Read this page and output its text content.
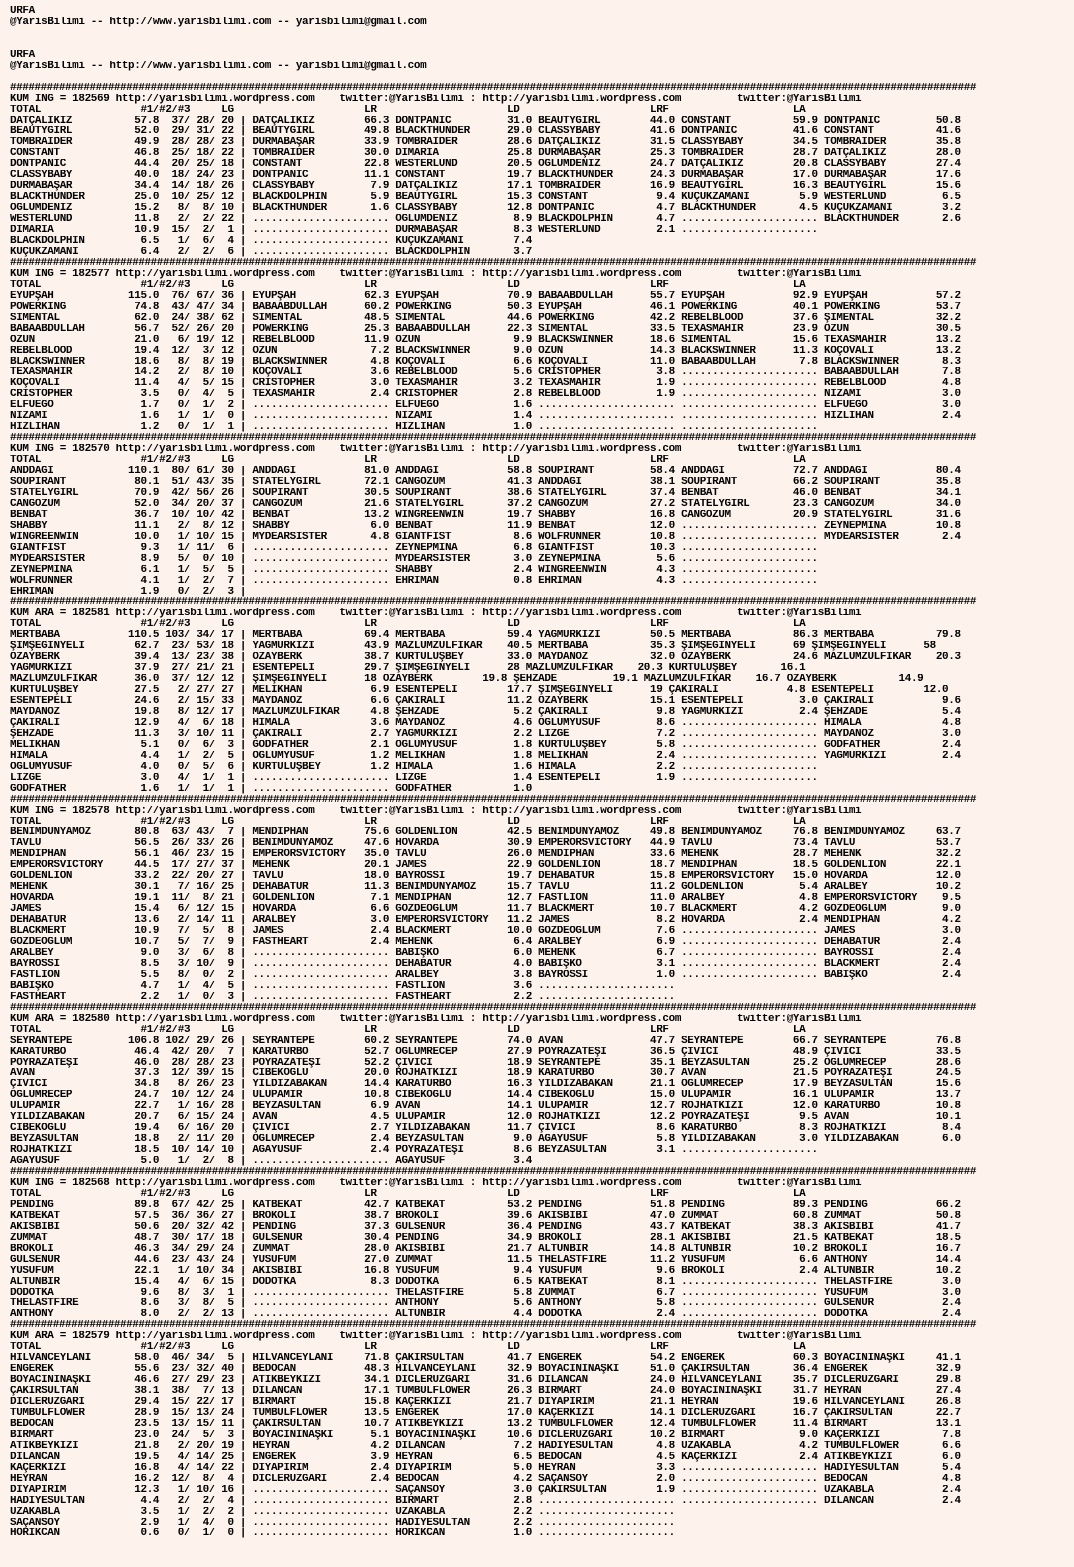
URFA
@YarisBilimi -- http://www.yarisbilimi.com -- yarisbilimi@gmail.com

URFA
@YarisBilimi -- http://www.yarisbilimi.com -- yarisbilimi@gmail.com

##############################################################################################################################################################
KUM ING = 182569 http://yarisbilimi.wordpress.com    twitter:@YarisBilimi : http://yarisbilimi.wordpress.com         twitter:@YarisBilimi
TOTAL                #1/#2/#3     LG                     LR                     LD                     LRF                    LA
DATÇALIKIZ          57.8  37/ 28/ 20 | DATÇALIKIZ        66.3 DONTPANIC         31.0 BEAUTYGIRL        44.0 CONSTANT          59.9 DONTPANIC         50.8
BEAUTYGIRL          52.0  29/ 31/ 22 | BEAUTYGIRL        49.8 BLACKTHUNDER      29.0 CLASSYBABY        41.6 DONTPANIC         41.6 CONSTANT          41.6
TOMBRAIDER          49.9  28/ 28/ 23 | DURMABAŞAR        33.9 TOMBRAIDER        28.6 DATÇALIKIZ        31.5 CLASSYBABY        34.5 TOMBRAIDER        35.8
CONSTANT            46.8  25/ 18/ 22 | TOMBRAIDER        30.0 DIMARIA           25.8 DURMABAŞAR        25.3 TOMBRAIDER        28.7 DATÇALIKIZ        28.0
DONTPANIC           44.4  20/ 25/ 18 | CONSTANT          22.8 WESTERLUND        20.5 OGLUMDENİZ        24.7 DATÇALIKIZ        20.8 CLASSYBABY        27.4
CLASSYBABY          40.0  18/ 24/ 23 | DONTPANIC         11.1 CONSTANT          19.7 BLACKTHUNDER      24.3 DURMABAŞAR        17.0 DURMABAŞAR        17.6
DURMABAŞAR          34.4  14/ 18/ 26 | CLASSYBABY         7.9 DATÇALIKIZ        17.1 TOMBRAIDER        16.9 BEAUTYGİRL        16.3 BEAUTYGİRL        15.6
BLACKTHUNDER        25.0  10/ 25/ 12 | BLACKDOLPHIN       5.9 BEAUTYGIRL        15.3 CONSTANT           9.4 KÜÇÜKZAMANI        5.9 WESTERLUND         6.5
OGLUMDENİZ          15.2   8/  8/ 10 | BLACKTHUNDER       1.6 CLASSYBABY        12.8 DONTPANIC          4.7 BLACKTHUNDER       4.5 KÜÇÜKZAMANI        3.2
WESTERLUND          11.8   2/  2/ 22 | ...................... OGLUMDENİZ         8.9 BLACKDOLPHIN       4.7 ...................... BLACKTHUNDER       2.6
DIMARIA             10.9  15/  2/  1 | ...................... DURMABAŞAR         8.3 WESTERLUND         2.1 ......................
BLACKDOLPHIN         6.5   1/  6/  4 | ...................... KÜÇÜKZAMANI        7.4
KÜÇÜKZAMANI          6.4   2/  2/  6 | ...................... BLACKDOLPHIN       3.7
##############################################################################################################################################################
KUM ING = 182577 http://yarisbilimi.wordpress.com    twitter:@YarisBilimi : http://yarisbilimi.wordpress.com         twitter:@YarisBilimi
TOTAL                #1/#2/#3     LG                     LR                     LD                     LRF                    LA
EYÜPŞAH            115.0  76/ 67/ 36 | EYÜPŞAH           62.3 EYÜPŞAH           70.9 BABAABDULLAH      55.7 EYÜPŞAH           92.9 EYÜPŞAH           57.2
POWERKING           74.8  43/ 47/ 34 | BABAABDULLAH      60.2 POWERKING         50.3 EYÜPŞAH           46.1 POWERKING         40.1 POWERKING         53.7
SIMENTAL            62.0  24/ 38/ 62 | SIMENTAL          48.5 SIMENTAL          44.6 POWERKING         42.2 REBELBLOOD        37.6 ŞIMENTAL          32.2
BABAABDULLAH        56.7  52/ 26/ 20 | POWERKING         25.3 BABAABDULLAH      22.3 SIMENTAL          33.5 TEXASMAHİR        23.9 ÖZÜN              30.5
ÖZÜN                21.0   6/ 19/ 12 | REBELBLOOD        11.9 ÖZÜN               9.9 BLACKSWINNER      18.6 SIMENTAL          15.6 TEXASMAHİR        13.2
REBELBLOOD          19.4  12/  3/ 12 | ÖZÜN               7.2 BLACKSWINNER       9.0 ÖZÜN              14.3 BLACKSWINNER      11.3 KOÇOVALI          13.2
BLACKSWINNER        18.6   8/  8/ 19 | BLACKSWINNER       4.8 KOÇOVALI           6.6 KOÇOVALI          11.0 BABAABDULLAH       7.8 BLACKSWINNER       8.3
TEXASMAHİR          14.2   2/  8/ 10 | KOÇOVALI           3.6 REBELBLOOD         5.6 CRİSTOPHER         3.8 ...................... BABAABDULLAH       7.8
KOÇOVALI            11.4   4/  5/ 15 | CRİSTOPHER         3.0 TEXASMAHİR         3.2 TEXASMAHİR         1.9 ...................... REBELBLOOD         4.8
CRİSTOPHER           3.5   0/  4/  5 | TEXASMAHİR         2.4 CRİSTOPHER         2.8 REBELBLOOD         1.9 ...................... NIZAMI             3.0
ELFUEGO              1.7   0/  1/  2 | ...................... ELFUEGO            1.6 ...................... ...................... ELFUEGO            3.0
NIZAMI               1.6   1/  1/  0 | ...................... NIZAMI             1.4 ...................... ...................... HIZLIHAN           2.4
HIZLIHAN             1.2   0/  1/  1 | ...................... HIZLIHAN           1.0 ...................... ......................
##############################################################################################################################################################
KUM ING = 182570 http://yarisbilimi.wordpress.com    twitter:@YarisBilimi : http://yarisbilimi.wordpress.com         twitter:@YarisBilimi
TOTAL                #1/#2/#3     LG                     LR                     LD                     LRF                    LA
ANDDAĞI            110.1  80/ 61/ 30 | ANDDAĞI           81.0 ANDDAĞI           58.8 SOUPIRANT         58.4 ANDDAĞI           72.7 ANDDAĞI           80.4
SOUPIRANT           80.1  51/ 43/ 35 | STATELYGIRL       72.1 CANGÖZÜM          41.3 ANDDAĞI           38.1 SOUPIRANT         66.2 SOUPIRANT         35.8
STATELYGIRL         70.9  42/ 56/ 26 | SOUPIRANT         30.5 SOUPIRANT         38.6 STATELYGIRL       37.4 BENBAT            46.0 BENBAT            34.1
CANGÖZÜM            52.0  34/ 20/ 37 | CANGÖZÜM          21.6 STATELYGIRL       37.2 CANGÖZÜM          27.2 STATELYGIRL       23.3 CANGÖZÜM          34.0
BENBAT              36.7  10/ 10/ 42 | BENBAT            13.2 WINGREENWIN       19.7 SHABBY            16.8 CANGÖZÜM          20.9 STATELYGIRL       31.6
SHABBY              11.1   2/  8/ 12 | SHABBY             6.0 BENBAT            11.9 BENBAT            12.0 ...................... ZEYNEPMİNA        10.8
WINGREENWIN         10.0   1/ 10/ 15 | MYDEARSISTER       4.8 GIANTFİST          8.6 WOLFRUNNER        10.8 ...................... MYDEARSISTER       2.4
GIANTFİST            9.3   1/ 11/  6 | ...................... ZEYNEPMİNA         6.8 GIANTFİST         10.3 ......................
MYDEARSISTER         8.9   5/  0/ 10 | ...................... MYDEARSISTER       3.0 ZEYNEPMİNA         5.6 ......................
ZEYNEPMİNA           6.1   1/  5/  5 | ...................... SHABBY             2.4 WINGREENWIN        4.3 ......................
WOLFRUNNER           4.1   1/  2/  7 | ...................... EHRİMAN            0.8 EHRİMAN            4.3 ......................
EHRİMAN              1.9   0/  2/  3 |
##############################################################################################################################################################
KUM ARA = 182581 http://yarisbilimi.wordpress.com    twitter:@YarisBilimi : http://yarisbilimi.wordpress.com         twitter:@YarisBilimi
TOTAL                #1/#2/#3     LG                     LR                     LD                     LRF                    LA
MERTBABA           110.5 103/ 34/ 17 | MERTBABA          69.4 MERTBABA          59.4 YAĞMURKIZI        50.5 MERTBABA          86.3 MERTBABA          79.8
ŞİMŞEGİNYELİ        62.7  23/ 53/ 18 | YAĞMURKIZI        43.9 MAZLUMZULFİKAR    40.5 MERTBABA          35.3 ŞİMŞEGİNYELİ      69 ŞİMŞEGİNYELİ      58
ÖZAYBERK            39.4  13/ 23/ 38 | ÖZAYBERK          38.7 KURTULUŞBEY       33.0 MAYDANOZ          32.0 ÖZAYBERK          24.6 MAZLUMZULFİKAR    20.3
YAĞMURKIZI          37.9  27/ 21/ 21 | ESENTEPELİ        29.7 ŞİMŞEGİNYELİ      28 MAZLUMZULFİKAR    20.3 KURTULUŞBEY       16.1
MAZLUMZULFİKAR      36.0  37/ 12/ 12 | ŞİMŞEGİNYELİ      18 ÖZAYBERK        19.8 ŞEHZADE         19.1 MAZLUMZULFİKAR    16.7 ÖZAYBERK          14.9
KURTULUŞBEY         27.5   2/ 27/ 27 | MELİKHAN           6.9 ESENTEPELİ        17.7 ŞİMŞEGİNYELİ      19 ÇAKIRALİ           4.8 ESENTEPELİ        12.0
ESENTEPELİ          24.6   2/ 15/ 33 | MAYDANOZ           6.6 ÇAKIRALİ          11.2 ÖZAYBERK          15.1 ESENTEPELİ         3.0 ÇAKIRALİ           9.6
MAYDANOZ            19.8   8/ 12/ 17 | MAZLUMZULFİKAR     4.8 ŞEHZADE            5.2 ÇAKIRALİ           9.8 YAĞMURKIZI         2.4 ŞEHZADE            5.4
ÇAKIRALİ            12.9   4/  6/ 18 | HIMALA             3.6 MAYDANOZ           4.6 OGLUMYUSUF         8.6 ...................... HIMALA             4.8
ŞEHZADE             11.3   3/ 10/ 11 | ÇAKIRALİ           2.7 YAĞMURKIZI         2.2 LIZGE              7.2 ...................... MAYDANOZ           3.0
MELİKHAN             5.1   0/  6/  3 | GODFATHER          2.1 OGLUMYUSUF         1.8 KURTULUŞBEY        5.8 ...................... GODFATHER          2.4
HIMALA               4.4   1/  2/  5 | OGLUMYUSUF         1.2 MELİKHAN           1.8 MELİKHAN           2.4 ...................... YAĞMURKIZI         2.4
OGLUMYUSUF           4.0   0/  5/  6 | KURTULUŞBEY        1.2 HIMALA             1.6 HIMALA             2.2 ......................
LIZGE                3.0   4/  1/  1 | ...................... LIZGE              1.4 ESENTEPELİ         1.9 ......................
GODFATHER            1.6   1/  1/  1 | ...................... GODFATHER          1.0
##############################################################################################################################################################
KUM ING = 182578 http://yarisbilimi.wordpress.com    twitter:@YarisBilimi : http://yarisbilimi.wordpress.com         twitter:@YarisBilimi
TOTAL                #1/#2/#3     LG                     LR                     LD                     LRF                    LA
BENİMDÜNYAMÖZ       80.8  63/ 43/  7 | MENDİPHAN         75.6 GOLDENLION        42.5 BENİMDÜNYAMÖZ     49.8 BENİMDÜNYAMÖZ     76.8 BENİMDÜNYAMÖZ     63.7
TAVLU               56.5  26/ 33/ 26 | BENİMDÜNYAMÖZ     47.6 HOVARDA           30.9 EMPERORSVICTORY   44.9 TAVLU             73.4 TAVLU             53.7
MENDİPHAN           56.1  46/ 23/ 15 | EMPERORSVICTORY   35.0 TAVLU             26.0 MENDİPHAN         33.6 MEHENK            28.7 MEHENK            32.2
EMPERORSVICTORY     44.5  17/ 27/ 37 | MEHENK            20.1 JAMES             22.9 GOLDENLION        18.7 MENDİPHAN         18.5 GOLDENLION        22.1
GOLDENLION          33.2  22/ 20/ 27 | TAVLU             18.0 BAYROSSİ          19.7 DEHABATUR         15.8 EMPERORSVICTORY   15.0 HOVARDA           12.0
MEHENK              30.1   7/ 16/ 25 | DEHABATUR         11.3 BENİMDÜNYAMÖZ     15.7 TAVLU             11.2 GOLDENLION         5.4 ARALBEY           10.2
HOVARDA             19.1  11/  8/ 21 | GOLDENLION         7.1 MENDİPHAN         12.7 FASTLION          11.0 ARALBEY            4.8 EMPERORSVICTORY    9.5
JAMES               15.4   6/ 12/ 15 | HOVARDA            6.6 GÖZDEOĞLUM        11.7 BLACKMERT         10.7 BLACKMERT          4.2 GÖZDEOĞLUM         9.0
DEHABATUR           13.6   2/ 14/ 11 | ARALBEY            3.0 EMPERORSVICTORY   11.2 JAMES              8.2 HOVARDA            2.4 MENDİPHAN          4.2
BLACKMERT           10.9   7/  5/  8 | JAMES              2.4 BLACKMERT         10.0 GÖZDEOĞLUM         7.6 ...................... JAMES              3.0
GÖZDEOĞLUM          10.7   5/  7/  9 | FASTHEART          2.4 MEHENK             6.4 ARALBEY            6.9 ...................... DEHABATUR          2.4
ARALBEY              9.0   3/  6/  8 | ...................... BABİŞKO            6.0 MEHENK             6.7 ...................... BAYROSSI           2.4
BAYROSSI             8.5   3/ 10/  9 | ...................... DEHABATUR          4.0 BABİŞKO            3.1 ...................... BLACKMERT          2.4
FASTLION             5.5   8/  0/  2 | ...................... ARALBEY            3.8 BAYROSSI           1.0 ...................... BABİŞKO            2.4
BABİŞKO              4.7   1/  4/  5 | ...................... FASTLION           3.6 ......................
FASTHEART            2.2   1/  0/  3 | ...................... FASTHEART          2.2 ......................
##############################################################################################################################################################
KUM ARA = 182580 http://yarisbilimi.wordpress.com    twitter:@YarisBilimi : http://yarisbilimi.wordpress.com         twitter:@YarisBilimi
TOTAL                #1/#2/#3     LG                     LR                     LD                     LRF                    LA
SEYRANTEPE         106.8 102/ 29/ 26 | SEYRANTEPE        60.2 SEYRANTEPE        74.0 AVAN              47.7 SEYRANTEPE        66.7 SEYRANTEPE        76.8
KARATURBO           46.4  42/ 20/  7 | KARATURBO         52.7 OGLUMRECEP        27.9 POYRAZATEŞİ       36.5 ÇİVİCİ            48.9 ÇİVİCİ            33.5
POYRAZATEŞİ         46.0  28/ 28/ 23 | POYRAZATEŞİ       52.2 ÇİVİCİ            18.9 SEYRANTEPE        35.1 BEYZASULTAN       25.2 OGLUMRECEP        28.6
AVAN                37.3  12/ 39/ 15 | CİBEKOGLU         20.0 ROJHATKIZI        18.9 KARATURBO         30.7 AVAN              21.5 POYRAZATEŞİ       24.5
ÇİVİCİ              34.8   8/ 26/ 23 | YILDIZABAKAN      14.4 KARATURBO         16.3 YILDIZABAKAN      21.1 OGLUMRECEP        17.9 BEYZASULTAN       15.6
OGLUMRECEP          24.7  10/ 12/ 24 | ULUPAMİR          10.8 CİBEKOGLU         14.4 CİBEKOGLU         15.0 ULUPAMİR          16.1 ULUPAMİR          13.7
ULUPAMİR            22.7   1/ 16/ 28 | BEYZASULTAN        6.9 AVAN              14.1 ULUPAMİR          12.7 ROJHATKIZI        12.0 KARATURBO         10.8
YILDIZABAKAN        20.7   6/ 15/ 24 | AVAN               4.5 ULUPAMİR          12.0 ROJHATKIZI        12.2 POYRAZATEŞİ        9.5 AVAN              10.1
CİBEKOGLU           19.4   6/ 16/ 20 | ÇİVİCİ             2.7 YILDIZABAKAN      11.7 ÇİVİCİ             8.6 KARATURBO          8.3 ROJHATKIZI         8.4
BEYZASULTAN         18.8   2/ 11/ 20 | OGLUMRECEP         2.4 BEYZASULTAN        9.0 AGAYUSUF           5.8 YILDIZABAKAN       3.0 YILDIZABAKAN       6.0
ROJHATKIZI          18.5  10/ 14/ 10 | AGAYUSUF           2.4 POYRAZATEŞİ        8.6 BEYZASULTAN        3.1 ......................
AGAYUSUF             5.0   1/  2/  8 | ...................... AGAYUSUF           3.4
##############################################################################################################################################################
KUM ING = 182568 http://yarisbilimi.wordpress.com    twitter:@YarisBilimi : http://yarisbilimi.wordpress.com         twitter:@YarisBilimi
TOTAL                #1/#2/#3     LG                     LR                     LD                     LRF                    LA
PENDING             89.8  67/ 42/ 25 | KATBEKAT          42.7 KATBEKAT          53.2 PENDING           51.8 PENDING           89.3 PENDING           66.2
KATBEKAT            57.5  36/ 36/ 27 | BROKOLİ           38.7 BROKOLİ           39.6 AKİSBİBİ          47.0 ZUMMAT            60.8 ZUMMAT            50.8
AKİSBİBİ            50.6  20/ 32/ 42 | PENDING           37.3 GULSENUR          36.4 PENDING           43.7 KATBEKAT          38.3 AKİSBİBİ          41.7
ZUMMAT              48.7  30/ 17/ 18 | GULSENUR          30.4 PENDING           34.9 BROKOLİ           28.1 AKİSBİBİ          21.5 KATBEKAT          18.5
BROKOLİ             46.3  34/ 29/ 24 | ZUMMAT            28.0 AKİSBİBİ          21.7 ALTUNBİR          14.8 ALTUNBİR          10.2 BROKOLİ           16.7
GULSENUR            44.6  23/ 43/ 24 | YUSUFUM           27.0 ZUMMAT            11.5 THELASTFIRE       11.2 YUSUFUM            6.6 ANTHONY           14.4
YUSUFUM             22.1   1/ 10/ 34 | AKİSBİBİ          16.8 YUSUFUM            9.4 YUSUFUM            9.6 BROKOLİ            2.4 ALTUNBİR          10.2
ALTUNBİR            15.4   4/  6/ 15 | DODOTKA            8.3 DODOTKA            6.5 KATBEKAT           8.1 ...................... THELASTFIRE        3.0
DODOTKA              9.6   8/  3/  1 | ...................... THELASTFIRE        5.8 ZUMMAT             6.7 ...................... YUSUFUM            3.0
THELASTFIRE          8.6   3/  8/  5 | ...................... ANTHONY            5.6 ANTHONY            5.8 ...................... GULSENUR           2.4
ANTHONY              8.0   2/  2/ 13 | ...................... ALTUNBİR           4.4 DODOTKA            2.4 ...................... DODOTKA            2.4
##############################################################################################################################################################
KUM ARA = 182579 http://yarisbilimi.wordpress.com    twitter:@YarisBilimi : http://yarisbilimi.wordpress.com         twitter:@YarisBilimi
TOTAL                #1/#2/#3     LG                     LR                     LD                     LRF                    LA
HİLVANCEYLANI       58.0  46/ 34/  5 | HİLVANCEYLANI     71.8 ÇAKIRSULTAN       41.7 ENGEREK           54.2 ENGEREK           60.3 BOYACININAŞKI     41.1
ENGEREK             55.6  23/ 32/ 40 | BEDOCAN           48.3 HİLVANCEYLANI     32.9 BOYACININAŞKI     51.0 ÇAKIRSULTAN       36.4 ENGEREK           32.9
BOYACININAŞKI       46.6  27/ 29/ 23 | ATİKBEYKIZI       34.1 DİCLERÜZGARI      31.6 DİLANCAN          24.0 HİLVANCEYLANI     35.7 DİCLERÜZGARI      29.8
ÇAKIRSULTAN         38.1  38/  7/ 13 | DİLANCAN          17.1 TUMBULFLOWER      26.3 BİRMART           24.0 BOYACININAŞKI     31.7 HEYRAN            27.4
DİCLERÜZGARI        29.4  15/ 22/ 17 | BİRMART           15.8 KAÇERKIZI         21.7 DİYAPİRİM         21.1 HEYRAN            19.6 HİLVANCEYLANI     26.8
TUMBULFLOWER        28.9  15/ 13/ 24 | TUMBULFLOWER      13.5 ENGEREK           17.0 KAÇERKIZI         14.1 DİCLERÜZGARI      16.7 ÇAKIRSULTAN       22.7
BEDOCAN             23.5  13/ 15/ 11 | ÇAKIRSULTAN       10.7 ATİKBEYKIZI       13.2 TUMBULFLOWER      12.4 TUMBULFLOWER      11.4 BİRMART           13.1
BİRMART             23.0  24/  5/  3 | BOYACININAŞKI      5.1 BOYACININAŞKI     10.6 DİCLERÜZGARI      10.2 BİRMART            9.0 KAÇERKIZI          7.8
ATİKBEYKIZI         21.8   2/ 20/ 19 | HEYRAN             4.2 DİLANCAN           7.2 HADİYESULTAN       4.8 UZAKABLA           4.2 TUMBULFLOWER       6.6
DİLANCAN            19.5   4/ 14/ 25 | ENGEREK            3.9 HEYRAN             6.5 BEDOCAN            4.5 KAÇERKIZI          2.4 ATİKBEYKIZI        6.0
KAÇERKIZI           16.8   4/ 14/ 22 | DİYAPİRİM          2.4 DİYAPİRİM          5.0 HEYRAN             3.3 ...................... HADİYESULTAN       5.4
HEYRAN              16.2  12/  8/  4 | DİCLERÜZGARI       2.4 BEDOCAN            4.2 SAÇANSOY           2.0 ...................... BEDOCAN            4.8
DİYAPİRİM           12.3   1/ 10/ 16 | ...................... SAÇANSOY           3.0 ÇAKIRSULTAN        1.9 ...................... UZAKABLA           2.4
HADİYESULTAN         4.4   2/  2/  4 | ...................... BİRMART            2.8 ...................... ...................... DİLANCAN           2.4
UZAKABLA             3.5   1/  2/  2 | ...................... UZAKABLA           2.2 ......................
SAÇANSOY             2.9   1/  4/  0 | ...................... HADİYESULTAN       2.2 ......................
HORİKCAN             0.6   0/  1/  0 | ...................... HORİKCAN           1.0 ......................
